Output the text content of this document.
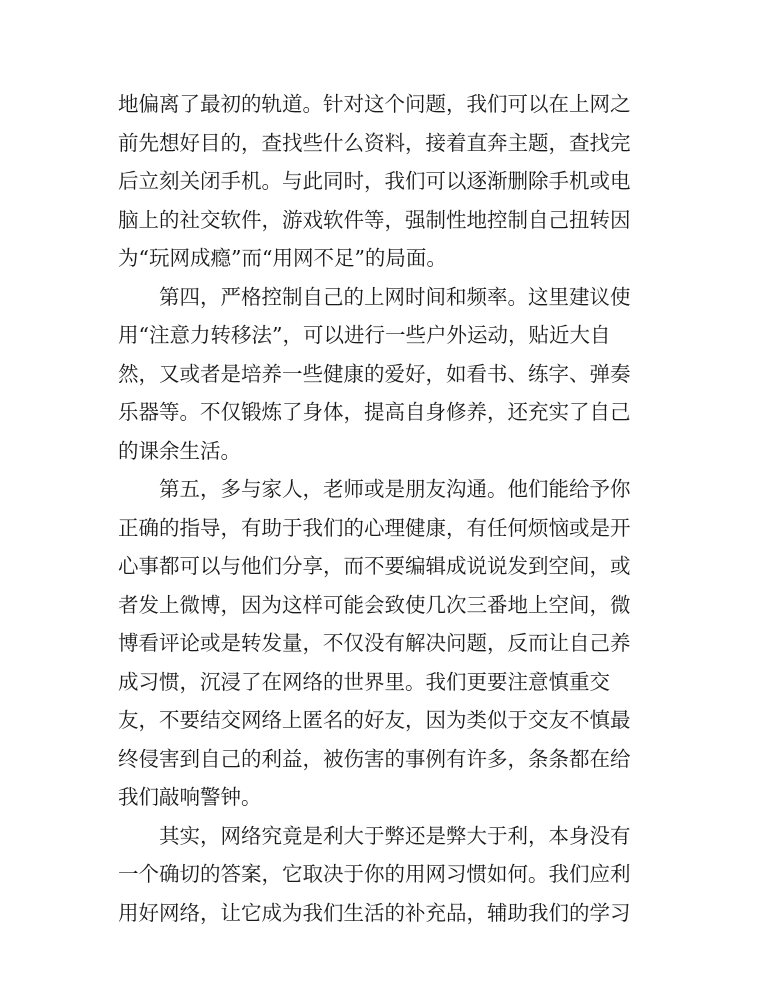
地偏离了最初的轨道。针对这个问题，我们可以在上网之
前先想好目的，查找些什么资料，接着直奔主题，查找完
后立刻关闭手机。与此同时，我们可以逐渐删除手机或电
脑上的社交软件，游戏软件等，强制性地控制自己扭转因
为“玩网成瘾”而“用网不足”的局面。
第四，严格控制自己的上网时间和频率。这里建议使
用“注意力转移法”，可以进行一些户外运动，贴近大自
然，又或者是培养一些健康的爱好，如看书、练字、弹奏
乐器等。不仅锻炼了身体，提高自身修养，还充实了自己
的课余生活。
第五，多与家人，老师或是朋友沟通。他们能给予你
正确的指导，有助于我们的心理健康，有任何烦恼或是开
心事都可以与他们分享，而不要编辑成说说发到空间，或
者发上微博，因为这样可能会致使几次三番地上空间，微
博看评论或是转发量，不仅没有解决问题，反而让自己养
成习惯，沉浸了在网络的世界里。我们更要注意慎重交
友，不要结交网络上匿名的好友，因为类似于交友不慎最
终侵害到自己的利益，被伤害的事例有许多，条条都在给
我们敲响警钟。
其实，网络究竟是利大于弊还是弊大于利，本身没有
一个确切的答案，它取决于你的用网习惯如何。我们应利
用好网络，让它成为我们生活的补充品，辅助我们的学习
